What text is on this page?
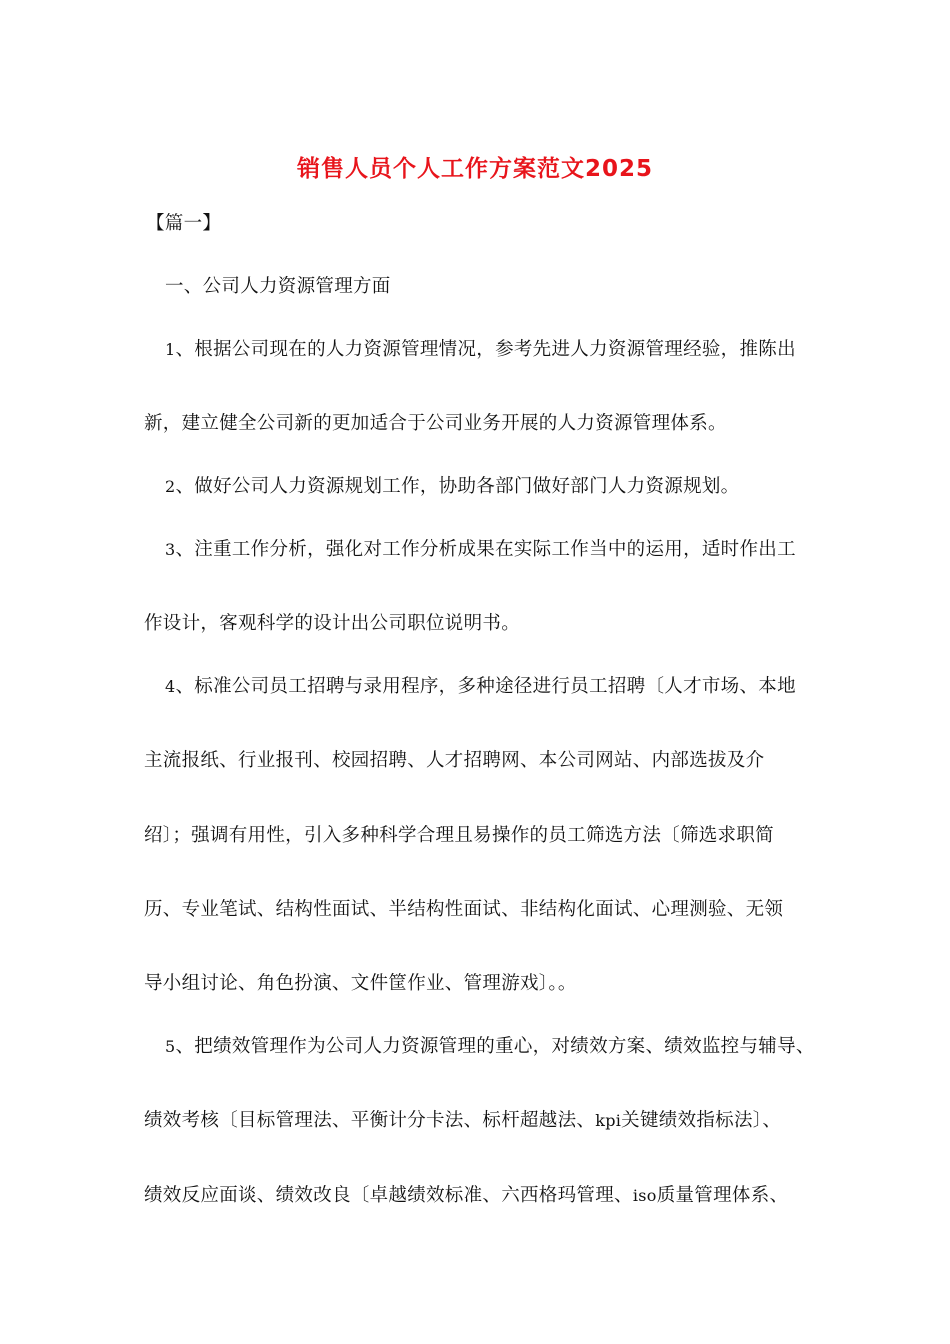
销售人员个人工作方案范文2025
【篇一】
一、公司人力资源管理方面
1、根据公司现在的人力资源管理情况，参考先进人力资源管理经验，推陈出
新，建立健全公司新的更加适合于公司业务开展的人力资源管理体系。
2、做好公司人力资源规划工作，协助各部门做好部门人力资源规划。
3、注重工作分析，强化对工作分析成果在实际工作当中的运用，适时作出工
作设计，客观科学的设计出公司职位说明书。
4、标准公司员工招聘与录用程序，多种途径进行员工招聘〔人才市场、本地
主流报纸、行业报刊、校园招聘、人才招聘网、本公司网站、内部选拔及介
绍〕；强调有用性，引入多种科学合理且易操作的员工筛选方法〔筛选求职简
历、专业笔试、结构性面试、半结构性面试、非结构化面试、心理测验、无领
导小组讨论、角色扮演、文件筐作业、管理游戏〕。。
5、把绩效管理作为公司人力资源管理的重心，对绩效方案、绩效监控与辅导、
绩效考核〔目标管理法、平衡计分卡法、标杆超越法、kpi关键绩效指标法〕、
绩效反应面谈、绩效改良〔卓越绩效标准、六西格玛管理、iso质量管理体系、
